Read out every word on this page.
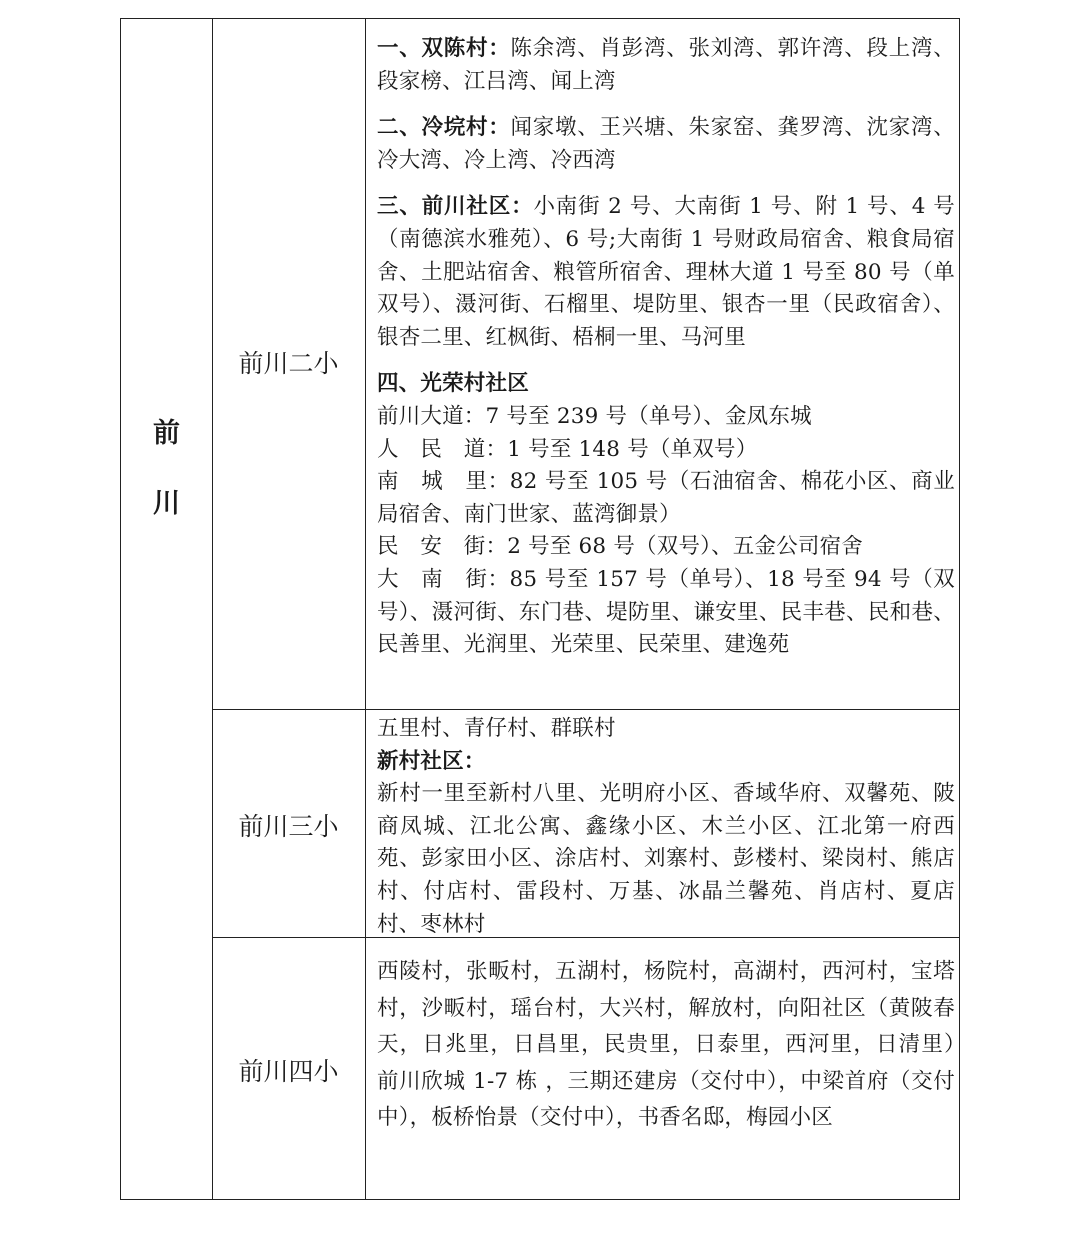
前
川
前川二小

一、双陈村：陈余湾、肖彭湾、张刘湾、郭许湾、段上湾、段家榜、江吕湾、闻上湾

二、冷垸村：闻家墩、王兴塘、朱家窑、龚罗湾、沈家湾、冷大湾、冷上湾、冷西湾

三、前川社区：小南街 2 号、大南街 1 号、附 1 号、4 号（南德滨水雅苑）、6 号;大南街 1 号财政局宿舍、粮食局宿舍、土肥站宿舍、粮管所宿舍、理林大道 1 号至 80 号（单双号）、滠河街、石榴里、堤防里、银杏一里（民政宿舍）、银杏二里、红枫街、梧桐一里、马河里

四、光荣村社区

前川大道：7 号至 239 号（单号）、金凤东城

人　民　道：1 号至 148 号（单双号）

南　城　里：82 号至 105 号（石油宿舍、棉花小区、商业局宿舍、南门世家、蓝湾御景）

民　安　街：2 号至 68 号（双号）、五金公司宿舍

大　南　街：85 号至 157 号（单号）、18 号至 94 号（双号）、滠河街、东门巷、堤防里、谦安里、民丰巷、民和巷、民善里、光润里、光荣里、民荣里、建逸苑

前川三小

五里村、青仔村、群联村

新村社区：

新村一里至新村八里、光明府小区、香域华府、双馨苑、陂商凤城、江北公寓、鑫缘小区、木兰小区、江北第一府西苑、彭家田小区、涂店村、刘寨村、彭楼村、梁岗村、熊店村、付店村、雷段村、万基、冰晶兰馨苑、肖店村、夏店村、枣林村

前川四小

西陵村，张畈村，五湖村，杨院村，高湖村，西河村，宝塔村，沙畈村，瑶台村，大兴村，解放村，向阳社区（黄陂春天，日兆里，日昌里，民贵里，日泰里，西河里，日清里）　　前川欣城 1-7 栋 ，三期还建房（交付中），中梁首府（交付中），板桥怡景（交付中），书香名邸，梅园小区
